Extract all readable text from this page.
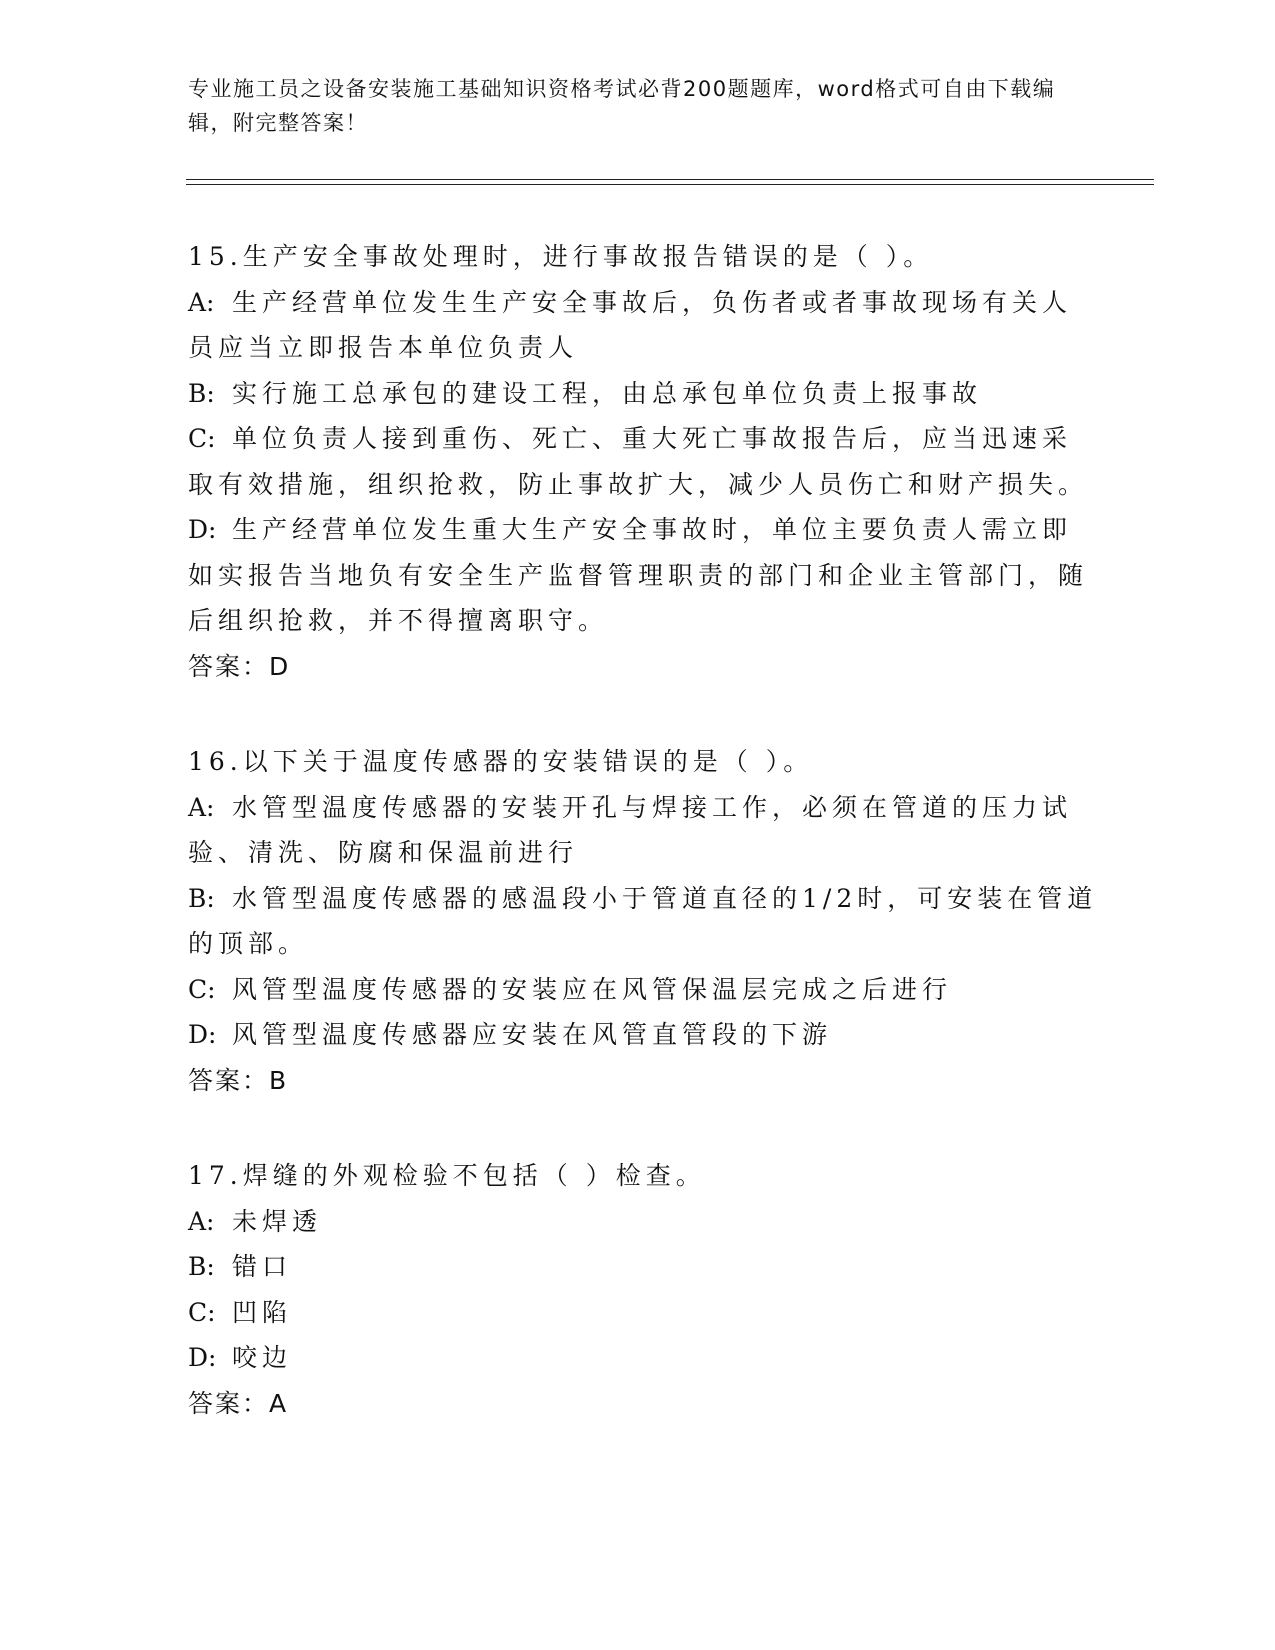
专业施工员之设备安装施工基础知识资格考试必背200题题库，word格式可自由下载编辑，附完整答案！
15.生产安全事故处理时，进行事故报告错误的是（ ）。
A: 生产经营单位发生生产安全事故后，负伤者或者事故现场有关人员应当立即报告本单位负责人
B: 实行施工总承包的建设工程，由总承包单位负责上报事故
C: 单位负责人接到重伤、死亡、重大死亡事故报告后，应当迅速采取有效措施，组织抢救，防止事故扩大，减少人员伤亡和财产损失。
D: 生产经营单位发生重大生产安全事故时，单位主要负责人需立即如实报告当地负有安全生产监督管理职责的部门和企业主管部门，随后组织抢救，并不得擅离职守。
答案：D
16.以下关于温度传感器的安装错误的是（ ）。
A: 水管型温度传感器的安装开孔与焊接工作，必须在管道的压力试验、清洗、防腐和保温前进行
B: 水管型温度传感器的感温段小于管道直径的1/2时，可安装在管道的顶部。
C: 风管型温度传感器的安装应在风管保温层完成之后进行
D: 风管型温度传感器应安装在风管直管段的下游
答案：B
17.焊缝的外观检验不包括（ ）检查。
A: 未焊透
B: 错口
C: 凹陷
D: 咬边
答案：A
